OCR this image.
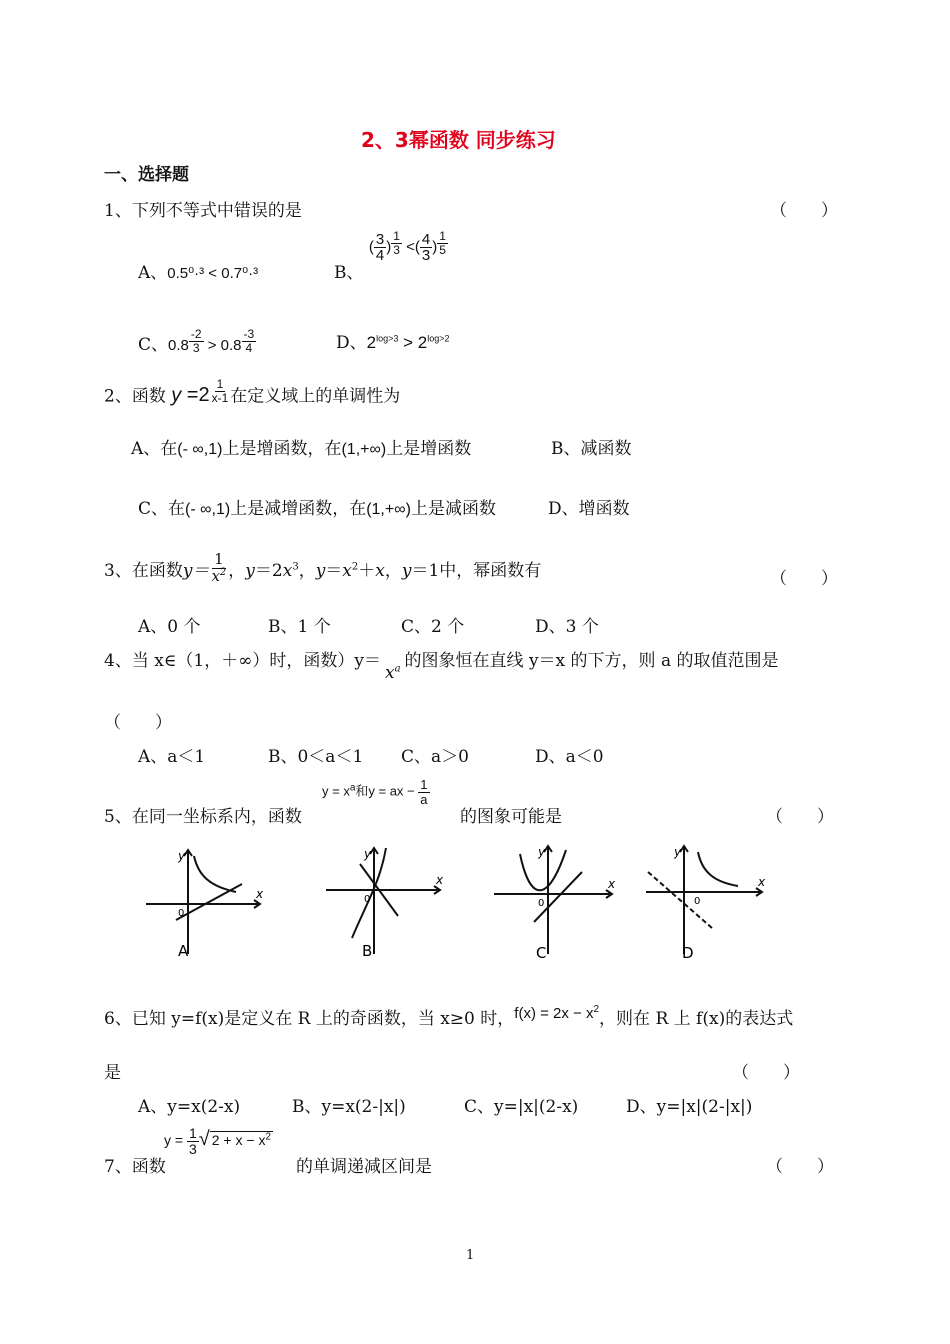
2、3幂函数 同步练习
一、选择题
1、下列不等式中错误的是	（　　）
A、0.5⁰·³ < 0.7⁰·³	B、 ( $\frac{3}{4}$ ) $^{\frac{1}{3}}$ <( $\frac{4}{3}$ ) $^{\frac{1}{5}}$
C、0.8 $^{\frac{-2}{3}}$ > 0.8 $^{\frac{-3}{4}}$	D、$2^{log>3} > 2^{log>2}$
2、函数 y =2 $^{\frac{1}{x-1}}$ 在定义域上的单调性为
A、在(- ∞,1)上是增函数，在(1,+∞)上是增函数	B、减函数
C、在(- ∞,1)上是减增函数，在(1,+∞)上是减函数	D、增函数
3、在函数$y= \frac{1}{x^2}$ ，$y=2x^3$，$y=x^2+x$，y＝1中，幂函数有	（　　）
A、0 个	B、1 个	C、2 个	D、3 个
4、当 x∈（1，＋∞）时，函数）$y=x^a$ 的图象恒在直线 y＝x 的下方，则 a 的取值范围是
（　　）
A、a＜1	B、0＜a＜1 C、a＞0	D、a＜0
5、在同一坐标系内，函数
$y = x^a$和y = ax − $\frac{1}{a}$
的图象可能是	（　　）
y
x
0
A
y
x
0
B
y
x
0
C
y
x
0
D
6、已知 y=f(x)是定义在 R 上的奇函数，当 x≥0 时，$f(x) = 2x - x^2$，则在 R 上 f(x)的表达式
是	（　　）
A、y=x(2-x)	B、y=x(2-|x|)	C、y=|x|(2-x)	D、y=|x|(2-|x|)
7、函数
$y = \frac{1}{3}$ √ $2 + x - x^2$
的单调递减区间是	（　　）
1
